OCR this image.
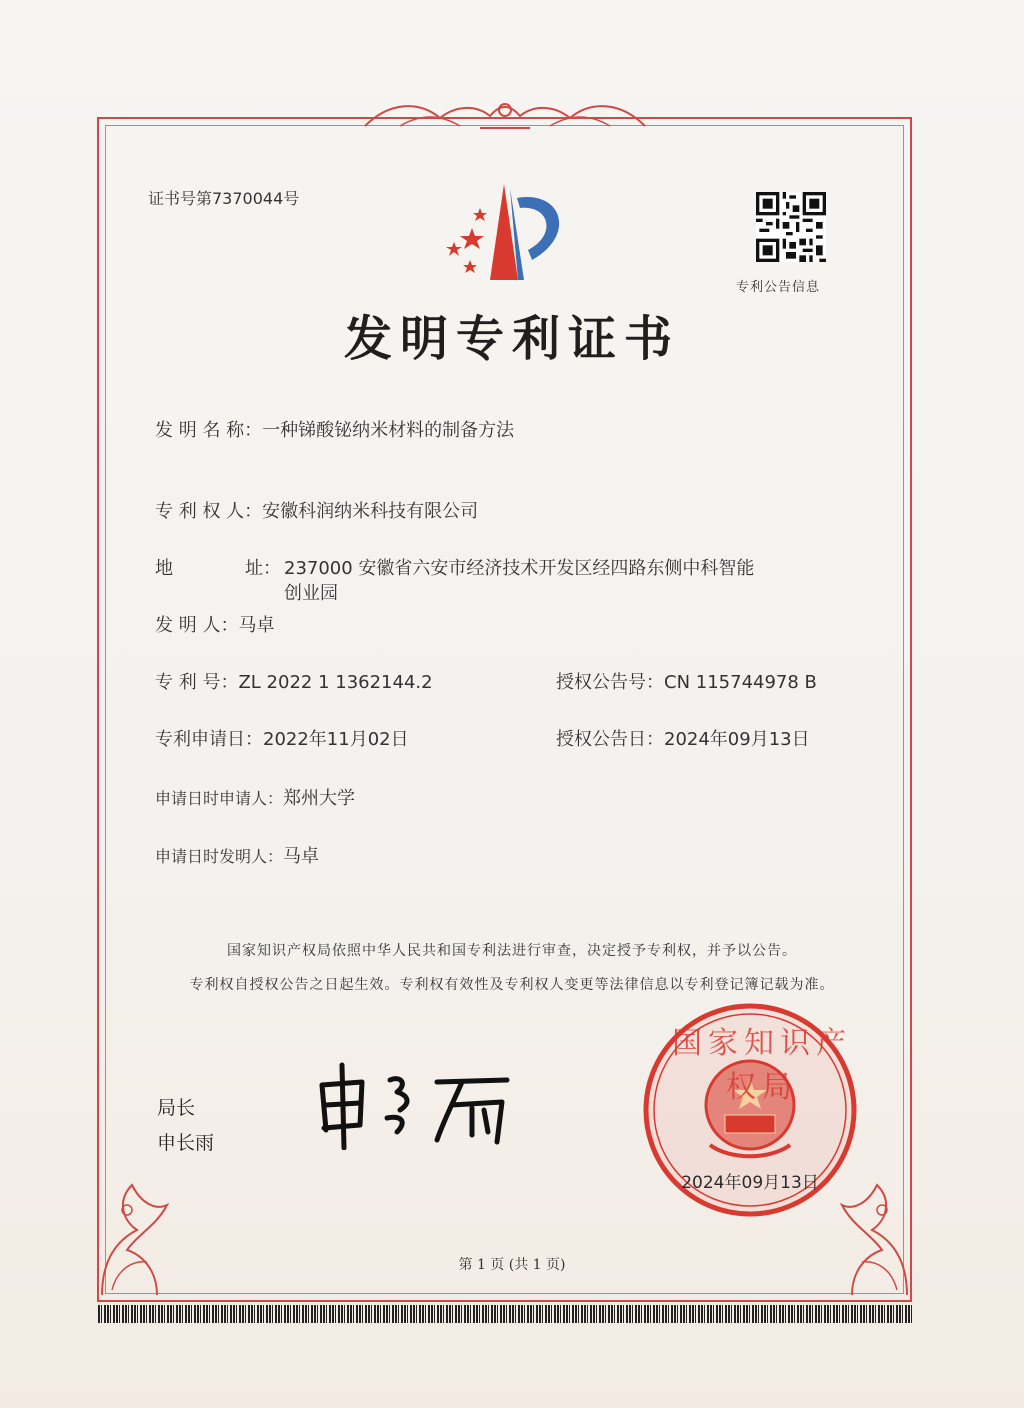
证书号第7370044号
专利公告信息
发明专利证书
发 明 名 称：一种锑酸铋纳米材料的制备方法
专 利 权 人：安徽科润纳米科技有限公司
地	址： 237000 安徽省六安市经济技术开发区经四路东侧中科智能
创业园
发 明 人：马卓
专 利 号：ZL 2022 1 1362144.2	授权公告号：CN 115744978 B
专利申请日：2022年11月02日	授权公告日：2024年09月13日
申请日时申请人：郑州大学
申请日时发明人：马卓
国家知识产权局依照中华人民共和国专利法进行审查，决定授予专利权，并予以公告。
专利权自授权公告之日起生效。专利权有效性及专利权人变更等法律信息以专利登记簿记载为准。
局长
申长雨
国家知识产权局
2024年09月13日
第 1 页 (共 1 页)
